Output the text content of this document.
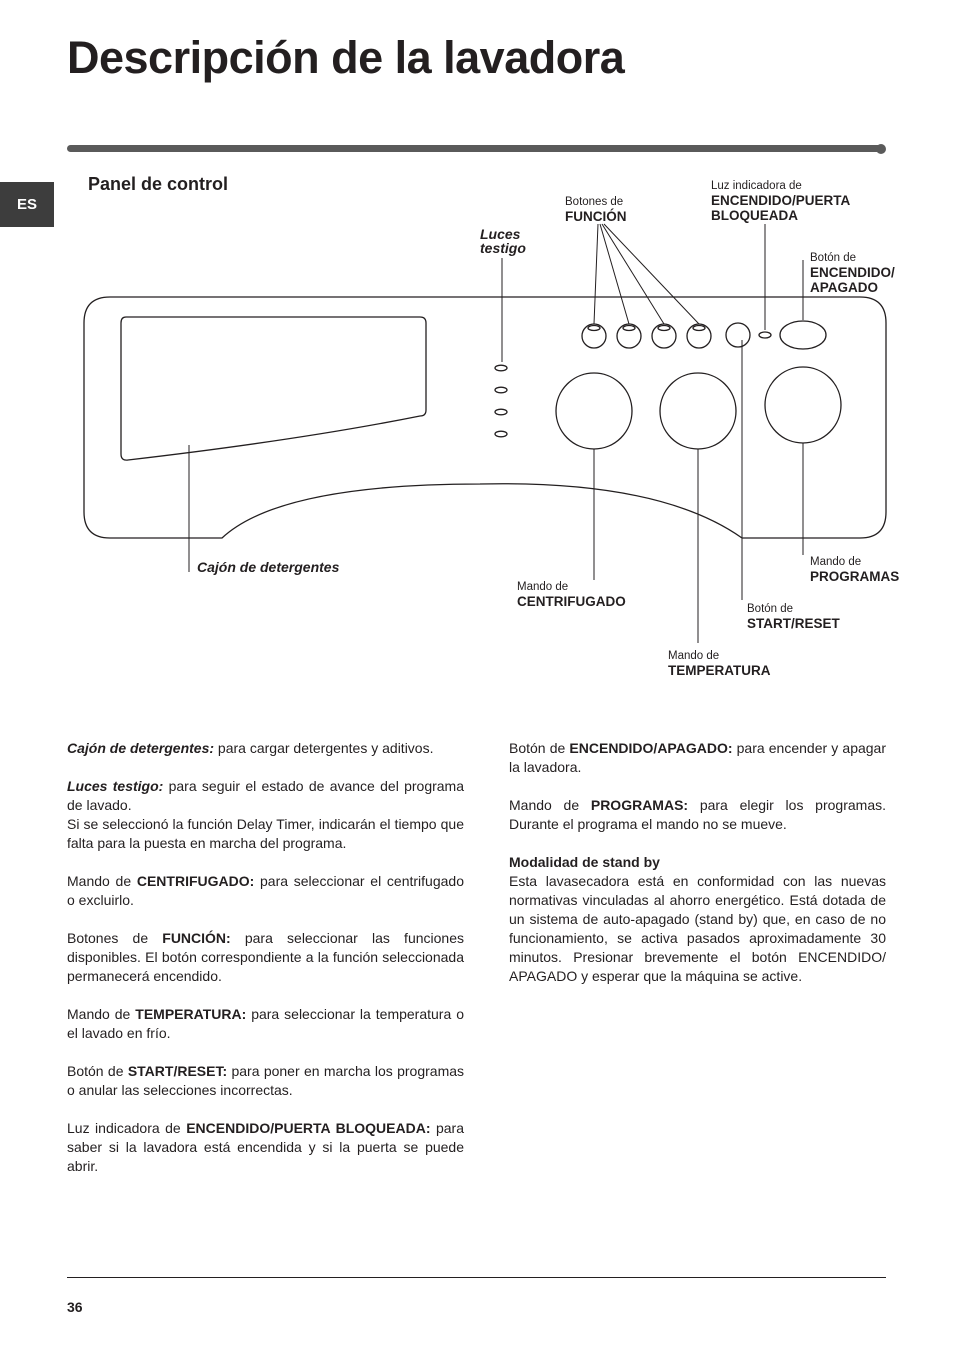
Descripción de la lavadora
ES
Panel de control
Botones de
FUNCIÓN
Luz indicadora de
ENCENDIDO/PUERTA
BLOQUEADA
Botón de
ENCENDIDO/
APAGADO
Luces
testigo
Cajón de detergentes
Mando de
CENTRIFUGADO
Mando de
PROGRAMAS
Botón de
START/RESET
Mando de
TEMPERATURA

Cajón de detergentes: para cargar detergentes y aditivos.

Luces testigo: para seguir el estado de avance del programa de lavado.
Si se seleccionó la función Delay Timer, indicarán el tiempo que falta para la puesta en marcha del programa.

Mando de CENTRIFUGADO: para seleccionar el centrifugado o excluirlo.

Botones de FUNCIÓN: para seleccionar las funciones disponibles. El botón correspondiente a la función seleccionada permanecerá encendido.

Mando de TEMPERATURA: para seleccionar la temperatura o el lavado en frío.

Botón de START/RESET: para poner en marcha los programas o anular las selecciones incorrectas.

Luz indicadora de ENCENDIDO/PUERTA BLOQUEADA: para saber si la lavadora está encendida y si la puerta se puede abrir.

Botón de ENCENDIDO/APAGADO: para encender y apagar la lavadora.

Mando de PROGRAMAS: para elegir los programas. Durante el programa el mando no se mueve.

Modalidad de stand by
Esta lavasecadora está en conformidad con las nuevas normativas vinculadas al ahorro energético. Está dotada de un sistema de auto-apagado (stand by) que, en caso de no funcionamiento, se activa pasados aproximadamente 30 minutos. Presionar brevemente el botón ENCENDIDO/ APAGADO y esperar que la máquina se active.

36
